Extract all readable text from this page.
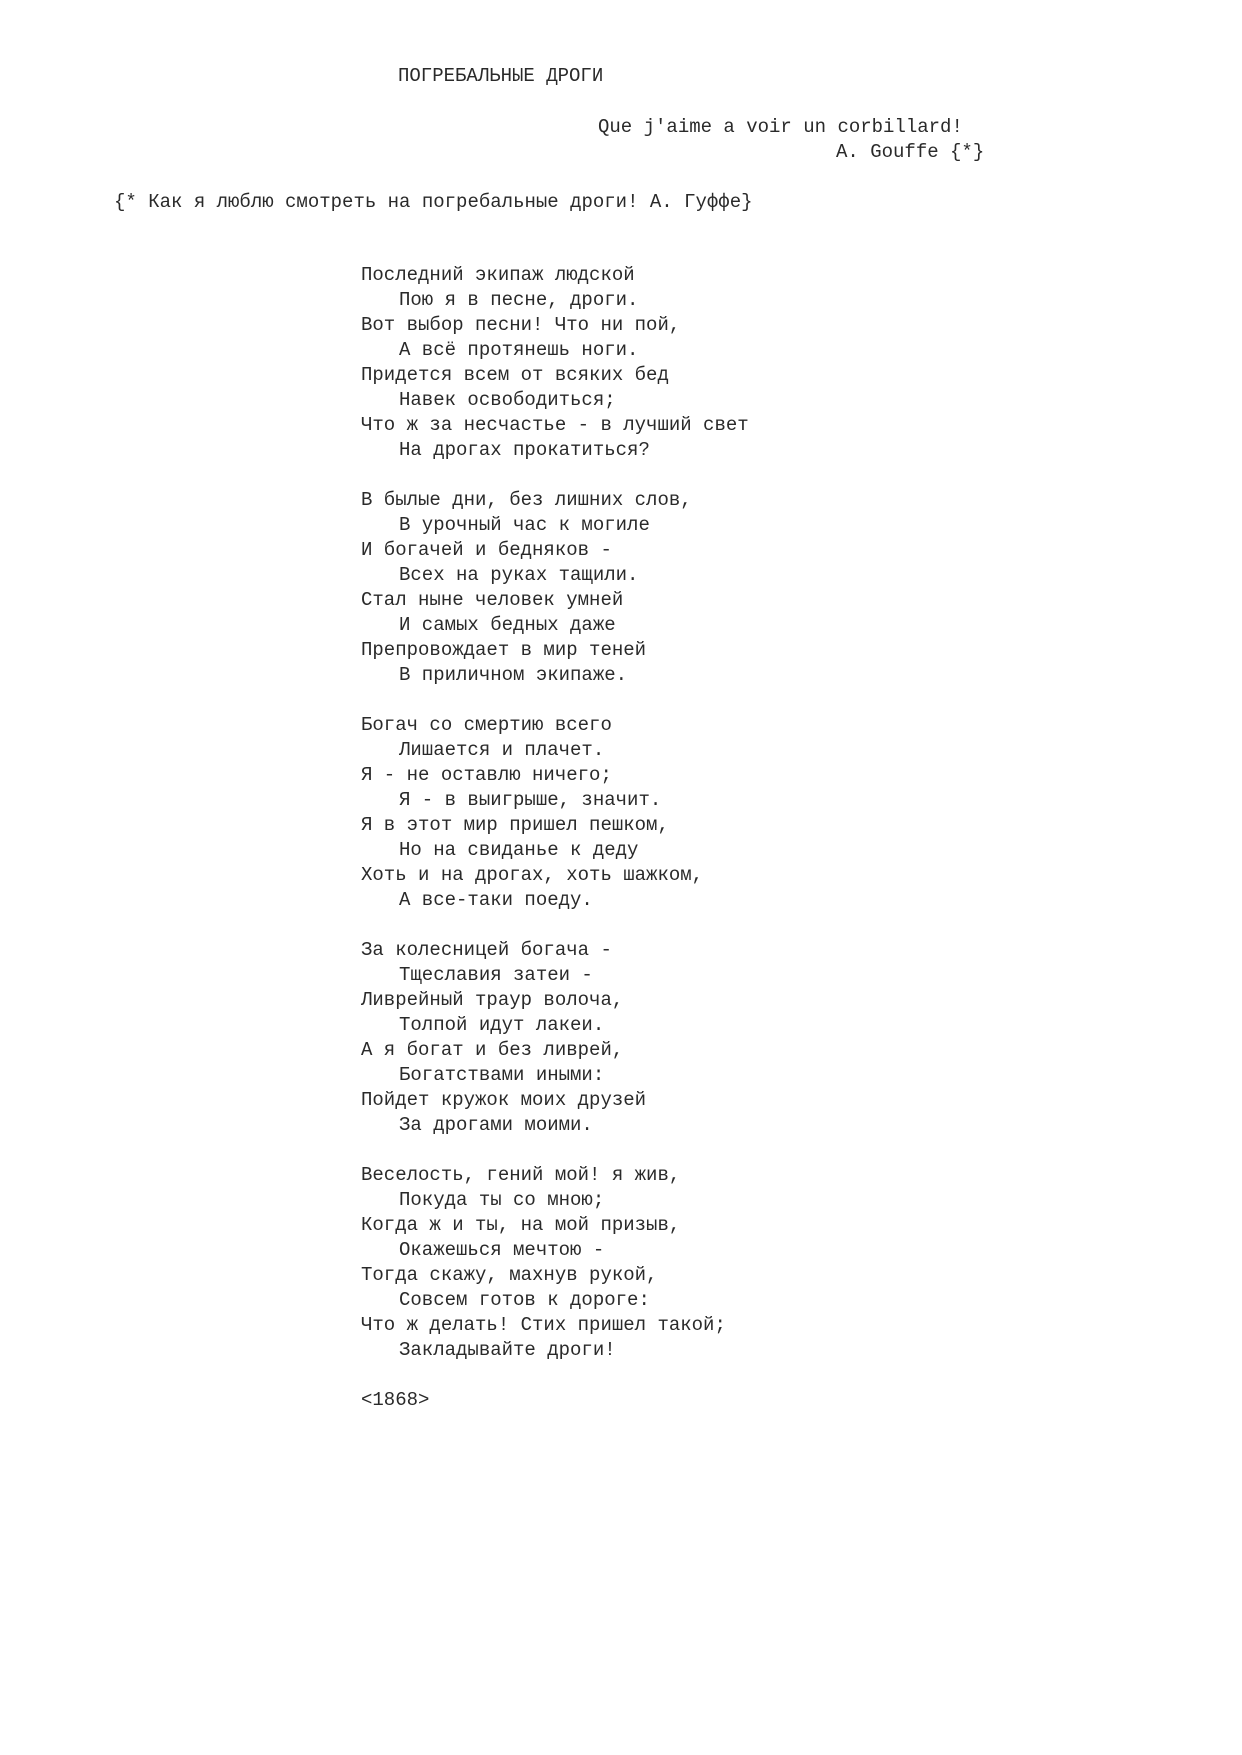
ПОГРЕБАЛЬНЫЕ ДРОГИ
Que j'aime a voir un corbillard!
A. Gouffe {*}
{* Как я люблю смотреть на погребальные дроги! А. Гуффе}
Последний экипаж людской
Пою я в песне, дроги.
Вот выбор песни! Что ни пой,
А всё протянешь ноги.
Придется всем от всяких бед
Навек освободиться;
Что ж за несчастье - в лучший свет
На дрогах прокатиться?
В былые дни, без лишних слов,
В урочный час к могиле
И богачей и бедняков -
Всех на руках тащили.
Стал ныне человек умней
И самых бедных даже
Препровождает в мир теней
В приличном экипаже.
Богач со смертию всего
Лишается и плачет.
Я - не оставлю ничего;
Я - в выигрыше, значит.
Я в этот мир пришел пешком,
Но на свиданье к деду
Хоть и на дрогах, хоть шажком,
А все-таки поеду.
За колесницей богача -
Тщеславия затеи -
Ливрейный траур волоча,
Толпой идут лакеи.
А я богат и без ливрей,
Богатствами иными:
Пойдет кружок моих друзей
За дрогами моими.
Веселость, гений мой! я жив,
Покуда ты со мною;
Когда ж и ты, на мой призыв,
Окажешься мечтою -
Тогда скажу, махнув рукой,
Совсем готов к дороге:
Что ж делать! Стих пришел такой;
Закладывайте дроги!
<1868>
